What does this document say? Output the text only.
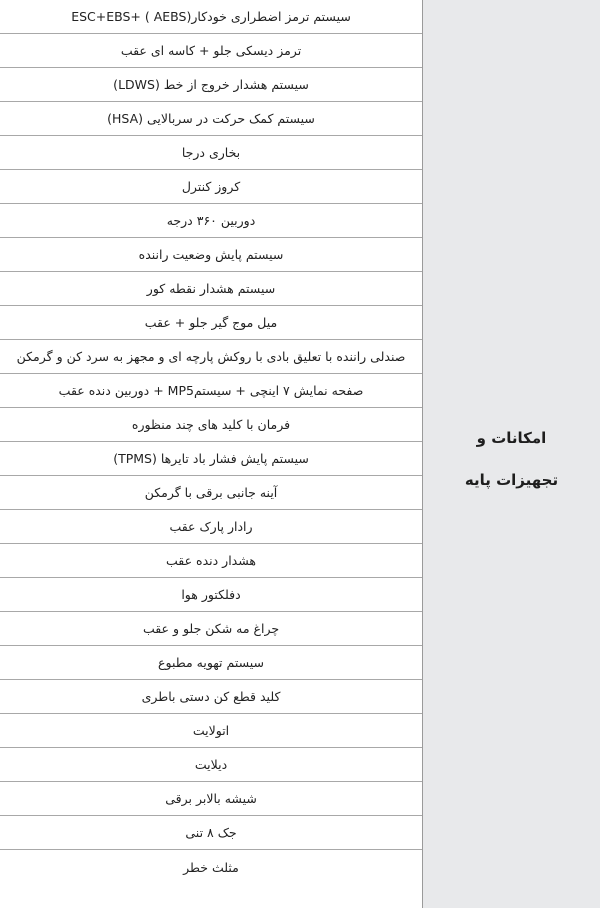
سیستم ترمز اضطراری خودکار(AEBS ) +ESC+EBS
ترمز دیسکی جلو + کاسه ای عقب
سیستم هشدار خروج از خط (LDWS)
سیستم کمک حرکت در سربالایی (HSA)
بخاری درجا
کروز کنترل
دوربین ۳۶۰ درجه
سیستم پایش وضعیت راننده
سیستم هشدار نقطه کور
میل موج گیر جلو + عقب
صندلی راننده با تعلیق بادی با روکش پارچه ای و مجهز به سرد کن و گرمکن
صفحه نمایش ۷ اینچی + سیستمMP5 + دوربین دنده عقب
فرمان با کلید های چند منظوره
سیستم پایش فشار باد تایرها (TPMS)
آینه جانبی برقی با گرمکن
رادار پارک عقب
هشدار دنده عقب
دفلکتور هوا
چراغ مه شکن جلو و عقب
سیستم تهویه مطبوع
کلید قطع کن دستی باطری
اتولایت
دیلایت
شیشه بالابر برقی
جک ۸ تنی
مثلث خطر
امکانات و
تجهیزات پایه
